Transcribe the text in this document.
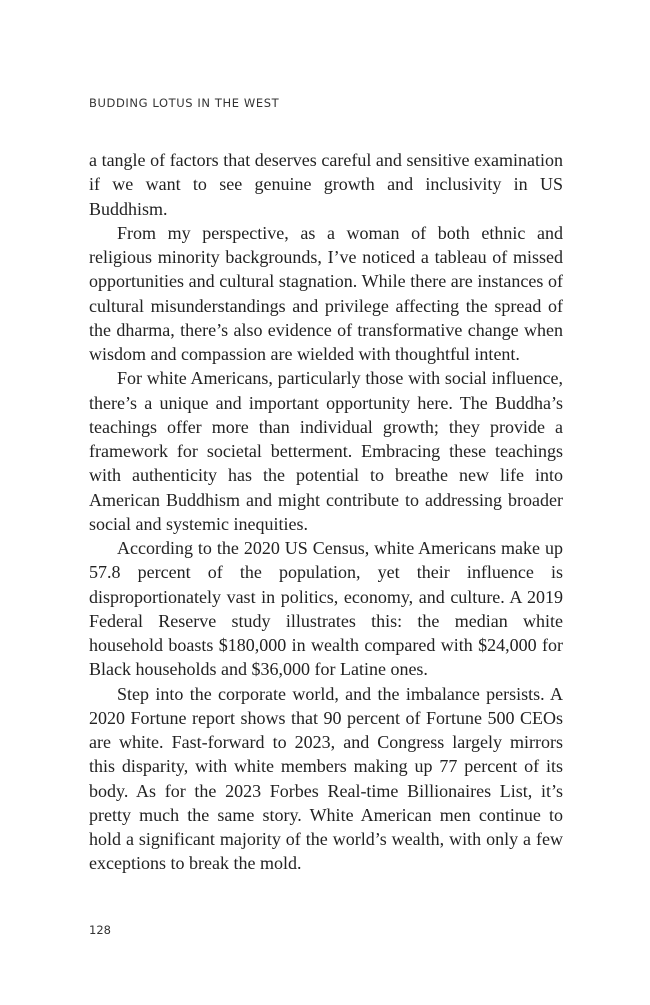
BUDDING LOTUS IN THE WEST

a tangle of factors that deserves careful and sensitive examination if we want to see genuine growth and inclusivity in US Buddhism.

From my perspective, as a woman of both ethnic and religious minority backgrounds, I’ve noticed a tableau of missed opportunities and cultural stagnation. While there are instances of cultural misunderstandings and privilege affecting the spread of the dharma, there’s also evidence of transformative change when wisdom and compassion are wielded with thoughtful intent.

For white Americans, particularly those with social influence, there’s a unique and important opportunity here. The Buddha’s teachings offer more than individual growth; they provide a framework for societal betterment. Embracing these teachings with authenticity has the potential to breathe new life into American Buddhism and might contribute to addressing broader social and systemic inequities.

According to the 2020 US Census, white Americans make up 57.8 percent of the population, yet their influence is disproportionately vast in politics, economy, and culture. A 2019 Federal Reserve study illustrates this: the median white household boasts $180,000 in wealth compared with $24,000 for Black households and $36,000 for Latine ones.

Step into the corporate world, and the imbalance persists. A 2020 Fortune report shows that 90 percent of Fortune 500 CEOs are white. Fast-forward to 2023, and Congress largely mirrors this disparity, with white members making up 77 percent of its body. As for the 2023 Forbes Real-time Billionaires List, it’s pretty much the same story. White American men continue to hold a significant majority of the world’s wealth, with only a few exceptions to break the mold.

128
